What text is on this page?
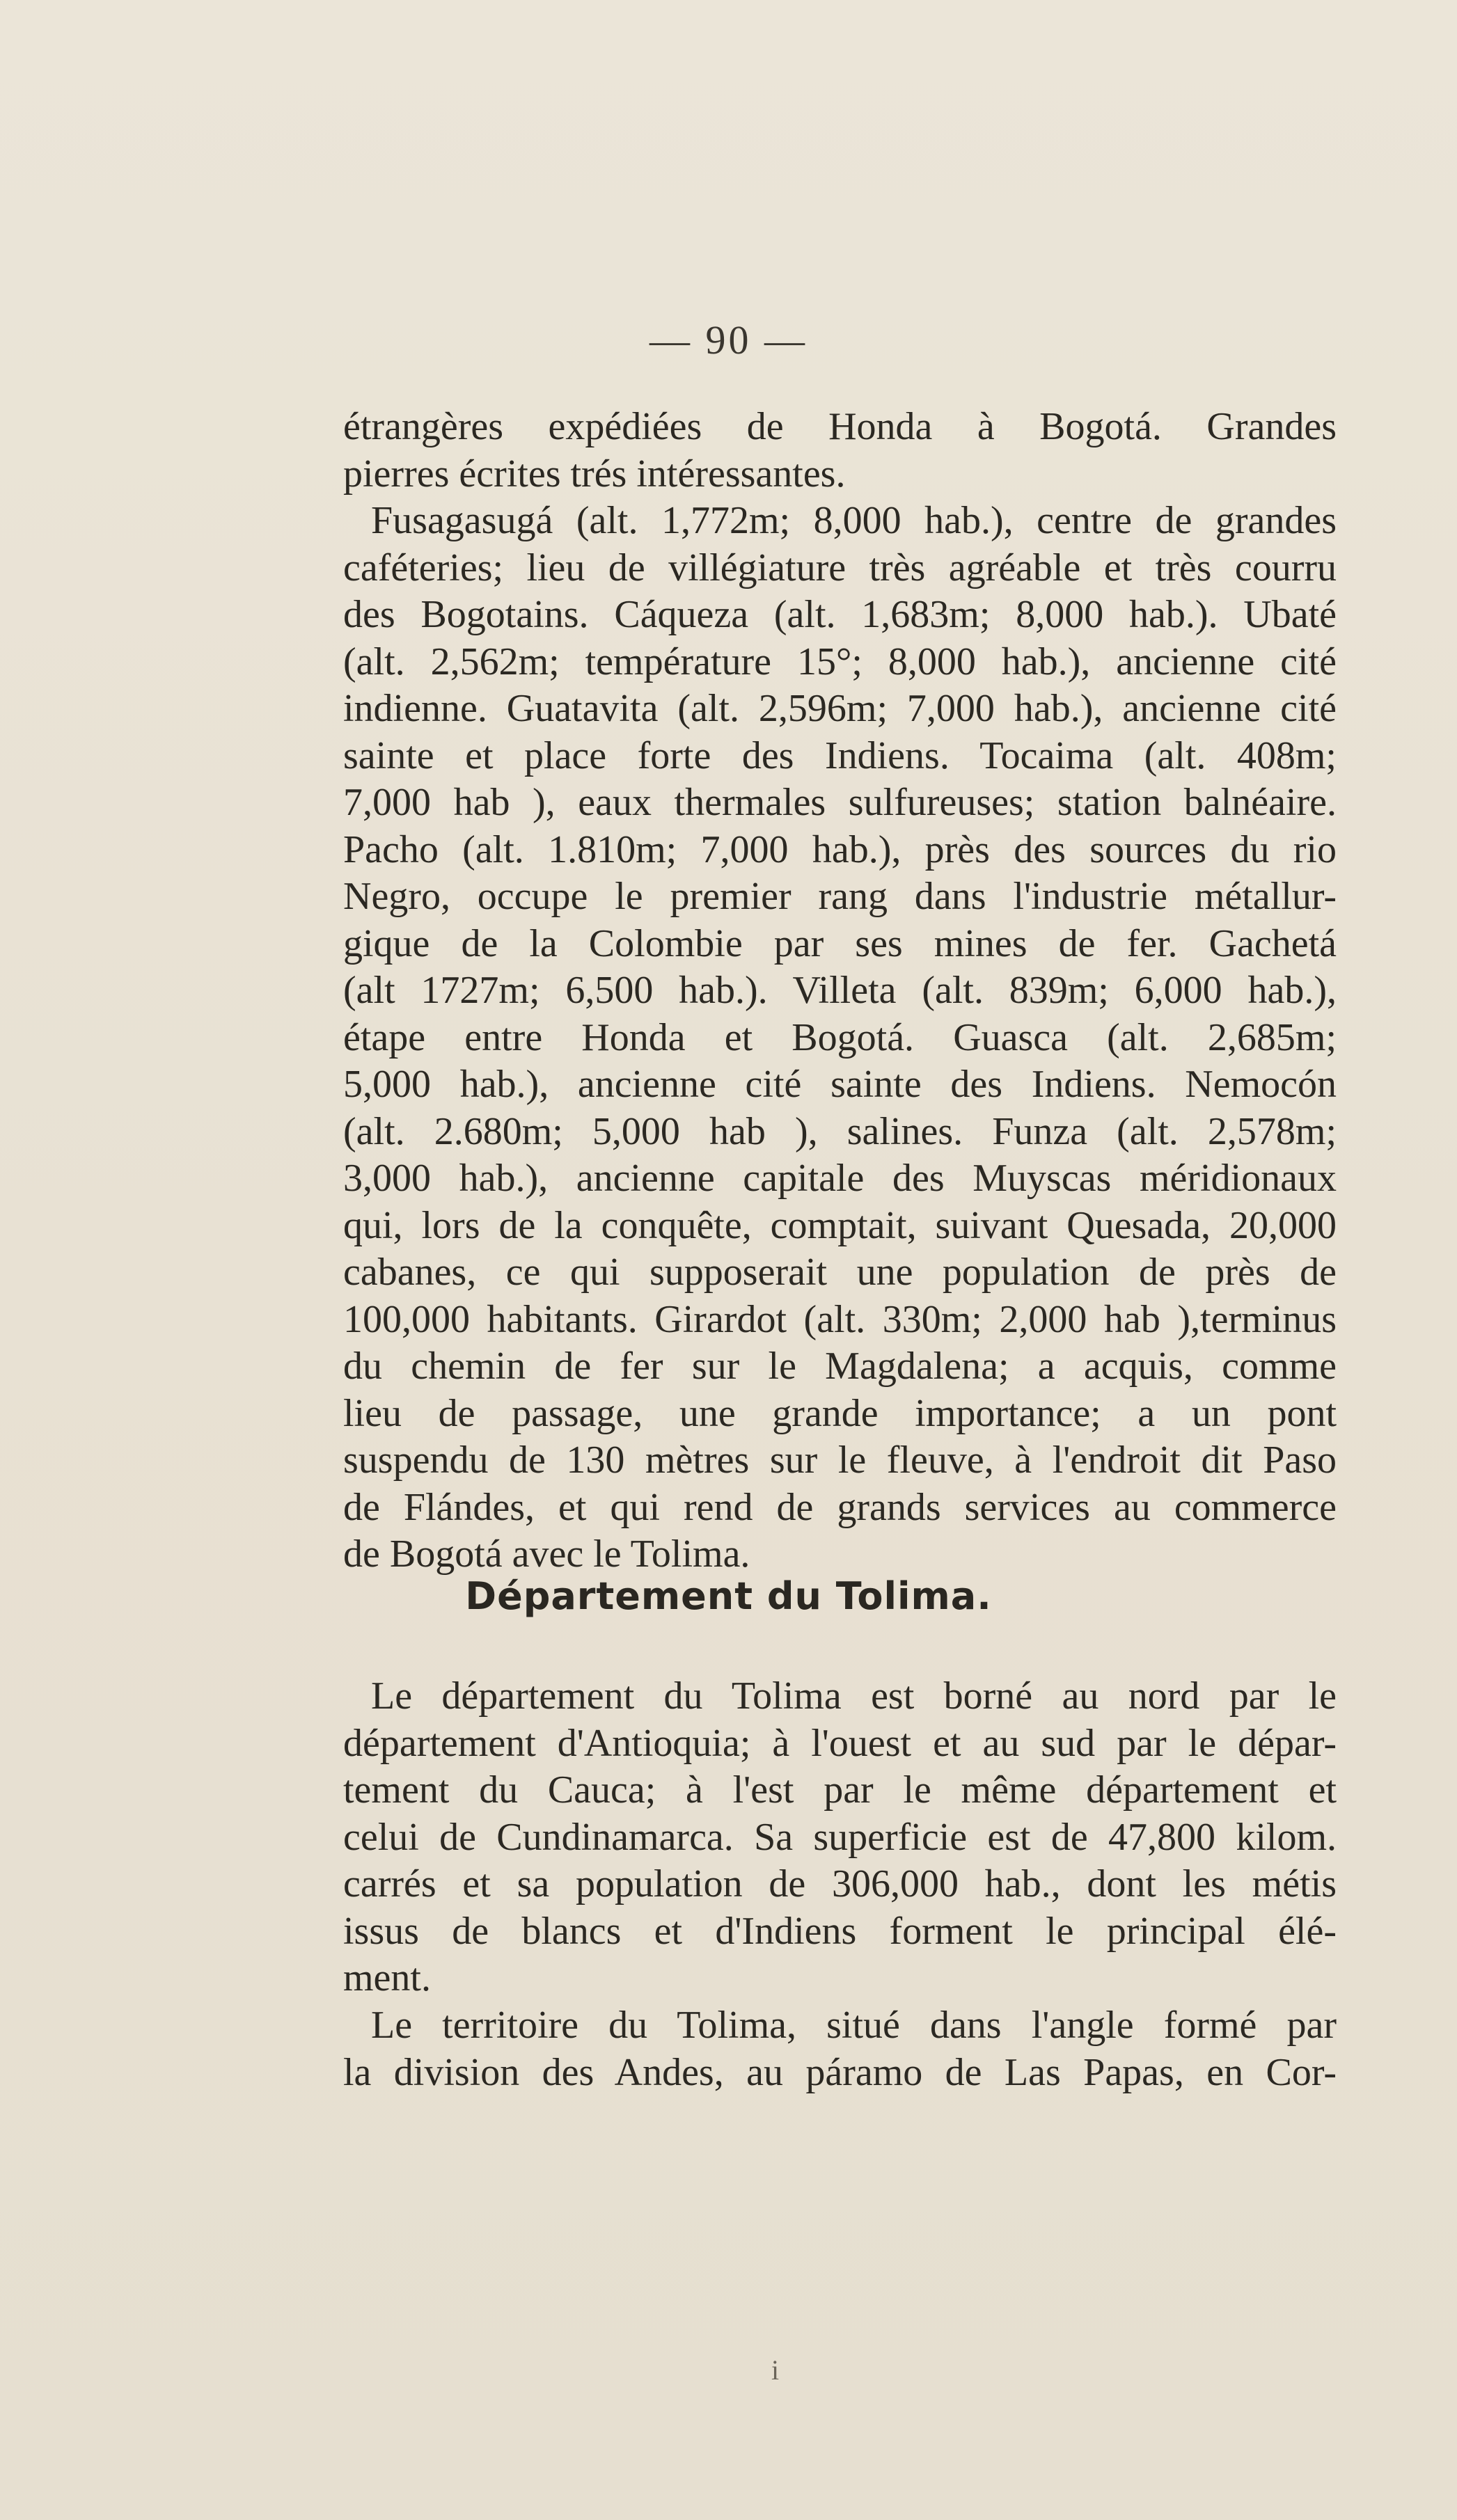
— 90 —
étrangères expédiées de Honda à Bogotá. Grandes
pierres écrites trés intéressantes.
Fusagasugá (alt. 1,772m; 8,000 hab.), centre de grandes
caféteries; lieu de villégiature très agréable et très courru
des Bogotains. Cáqueza (alt. 1,683m; 8,000 hab.). Ubaté
(alt. 2,562m; température 15°; 8,000 hab.), ancienne cité
indienne. Guatavita (alt. 2,596m; 7,000 hab.), ancienne cité
sainte et place forte des Indiens. Tocaima (alt. 408m;
7,000 hab ), eaux thermales sulfureuses; station balnéaire.
Pacho (alt. 1.810m; 7,000 hab.), près des sources du rio
Negro, occupe le premier rang dans l'industrie métallur-
gique de la Colombie par ses mines de fer. Gachetá
(alt 1727m; 6,500 hab.). Villeta (alt. 839m; 6,000 hab.),
étape entre Honda et Bogotá. Guasca (alt. 2,685m;
5,000 hab.), ancienne cité sainte des Indiens. Nemocón
(alt. 2.680m; 5,000 hab ), salines. Funza (alt. 2,578m;
3,000 hab.), ancienne capitale des Muyscas méridionaux
qui, lors de la conquête, comptait, suivant Quesada, 20,000
cabanes, ce qui supposerait une population de près de
100,000 habitants. Girardot (alt. 330m; 2,000 hab ),terminus
du chemin de fer sur le Magdalena; a acquis, comme
lieu de passage, une grande importance; a un pont
suspendu de 130 mètres sur le fleuve, à l'endroit dit Paso
de Flándes, et qui rend de grands services au commerce
de Bogotá avec le Tolima.
Département du Tolima.
Le département du Tolima est borné au nord par le
département d'Antioquia; à l'ouest et au sud par le dépar-
tement du Cauca; à l'est par le même département et
celui de Cundinamarca. Sa superficie est de 47,800 kilom.
carrés et sa population de 306,000 hab., dont les métis
issus de blancs et d'Indiens forment le principal élé-
ment.
Le territoire du Tolima, situé dans l'angle formé par
la division des Andes, au páramo de Las Papas, en Cor-
i
